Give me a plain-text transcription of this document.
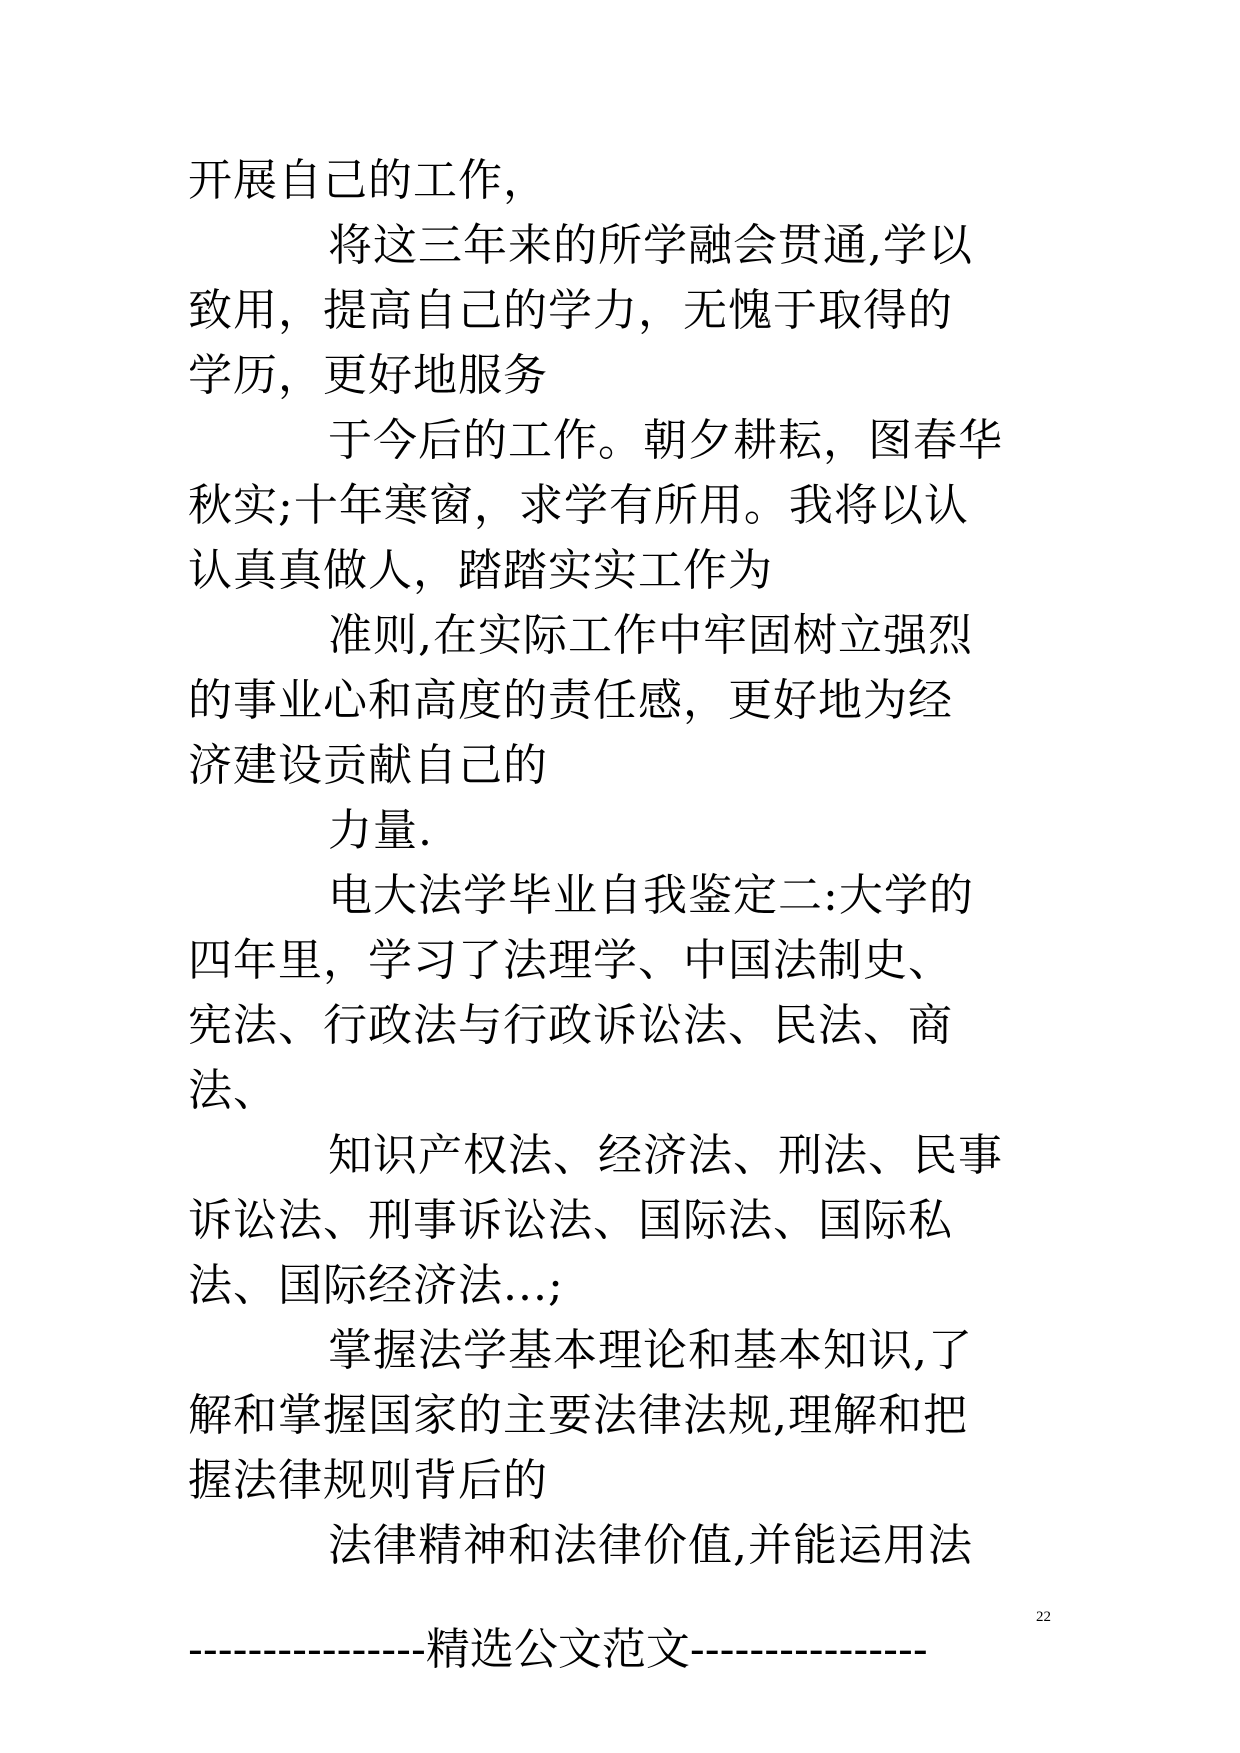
开展自己的工作，
将这三年来的所学融会贯通,学以
致用，提高自己的学力，无愧于取得的
学历，更好地服务
于今后的工作。朝夕耕耘，图春华
秋实;十年寒窗，求学有所用。我将以认
认真真做人，踏踏实实工作为
准则,在实际工作中牢固树立强烈
的事业心和高度的责任感，更好地为经
济建设贡献自己的
力量.
电大法学毕业自我鉴定二:大学的
四年里，学习了法理学、中国法制史、
宪法、行政法与行政诉讼法、民法、商
法、
知识产权法、经济法、刑法、民事
诉讼法、刑事诉讼法、国际法、国际私
法、国际经济法...;
掌握法学基本理论和基本知识,了
解和掌握国家的主要法律法规,理解和把
握法律规则背后的
法律精神和法律价值,并能运用法
22
----------------精选公文范文----------------
